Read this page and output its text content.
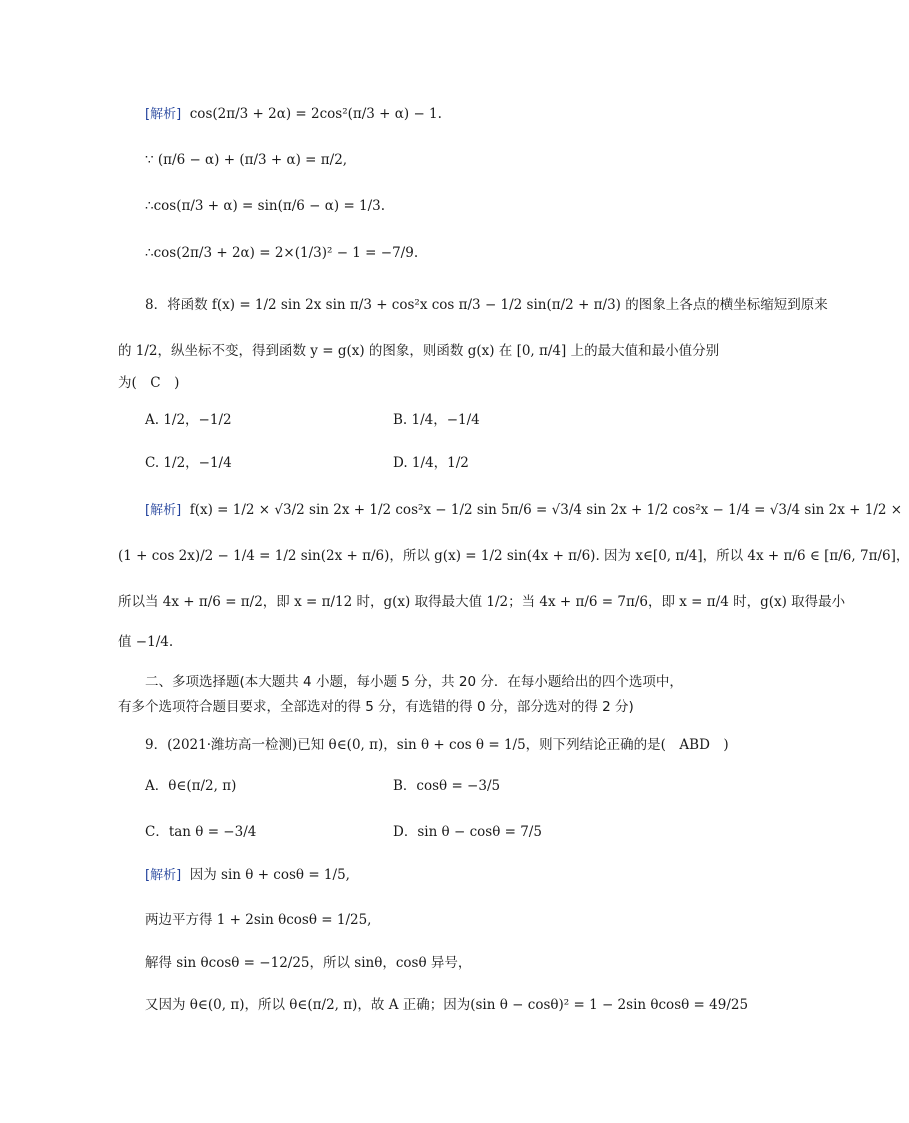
[解析] cos(2π/3 + 2α) = 2cos²(π/3 + α) − 1.
∵ (π/6 − α) + (π/3 + α) = π/2,
∴cos(π/3 + α) = sin(π/6 − α) = 1/3.
∴cos(2π/3 + 2α) = 2×(1/3)² − 1 = −7/9.
8．将函数 f(x) = 1/2 sin 2x sin π/3 + cos²x cos π/3 − 1/2 sin(π/2 + π/3) 的图象上各点的横坐标缩短到原来
的 1/2，纵坐标不变，得到函数 y = g(x) 的图象，则函数 g(x) 在 [0, π/4] 上的最大值和最小值分别
为(　C　)
A. 1/2，−1/2	B. 1/4，−1/4
C. 1/2，−1/4	D. 1/4，1/2
[解析] f(x) = 1/2 × √3/2 sin 2x + 1/2 cos²x − 1/2 sin 5π/6 = √3/4 sin 2x + 1/2 cos²x − 1/4 = √3/4 sin 2x + 1/2 ×
(1 + cos 2x)/2 − 1/4 = 1/2 sin(2x + π/6)，所以 g(x) = 1/2 sin(4x + π/6). 因为 x∈[0, π/4]，所以 4x + π/6 ∈ [π/6, 7π/6]，
所以当 4x + π/6 = π/2，即 x = π/12 时，g(x) 取得最大值 1/2；当 4x + π/6 = 7π/6，即 x = π/4 时，g(x) 取得最小
值 −1/4.
二、多项选择题(本大题共 4 小题，每小题 5 分，共 20 分．在每小题给出的四个选项中，
有多个选项符合题目要求，全部选对的得 5 分，有选错的得 0 分，部分选对的得 2 分)
9．(2021·潍坊高一检测)已知 θ∈(0, π)，sin θ + cos θ = 1/5，则下列结论正确的是(　ABD　)
A．θ∈(π/2, π)	B．cosθ = −3/5
C．tan θ = −3/4	D．sin θ − cosθ = 7/5
[解析] 因为 sin θ + cosθ = 1/5,
两边平方得 1 + 2sin θcosθ = 1/25,
解得 sin θcosθ = −12/25，所以 sinθ，cosθ 异号，
又因为 θ∈(0, π)，所以 θ∈(π/2, π)，故 A 正确；因为(sin θ − cosθ)² = 1 − 2sin θcosθ = 49/25
